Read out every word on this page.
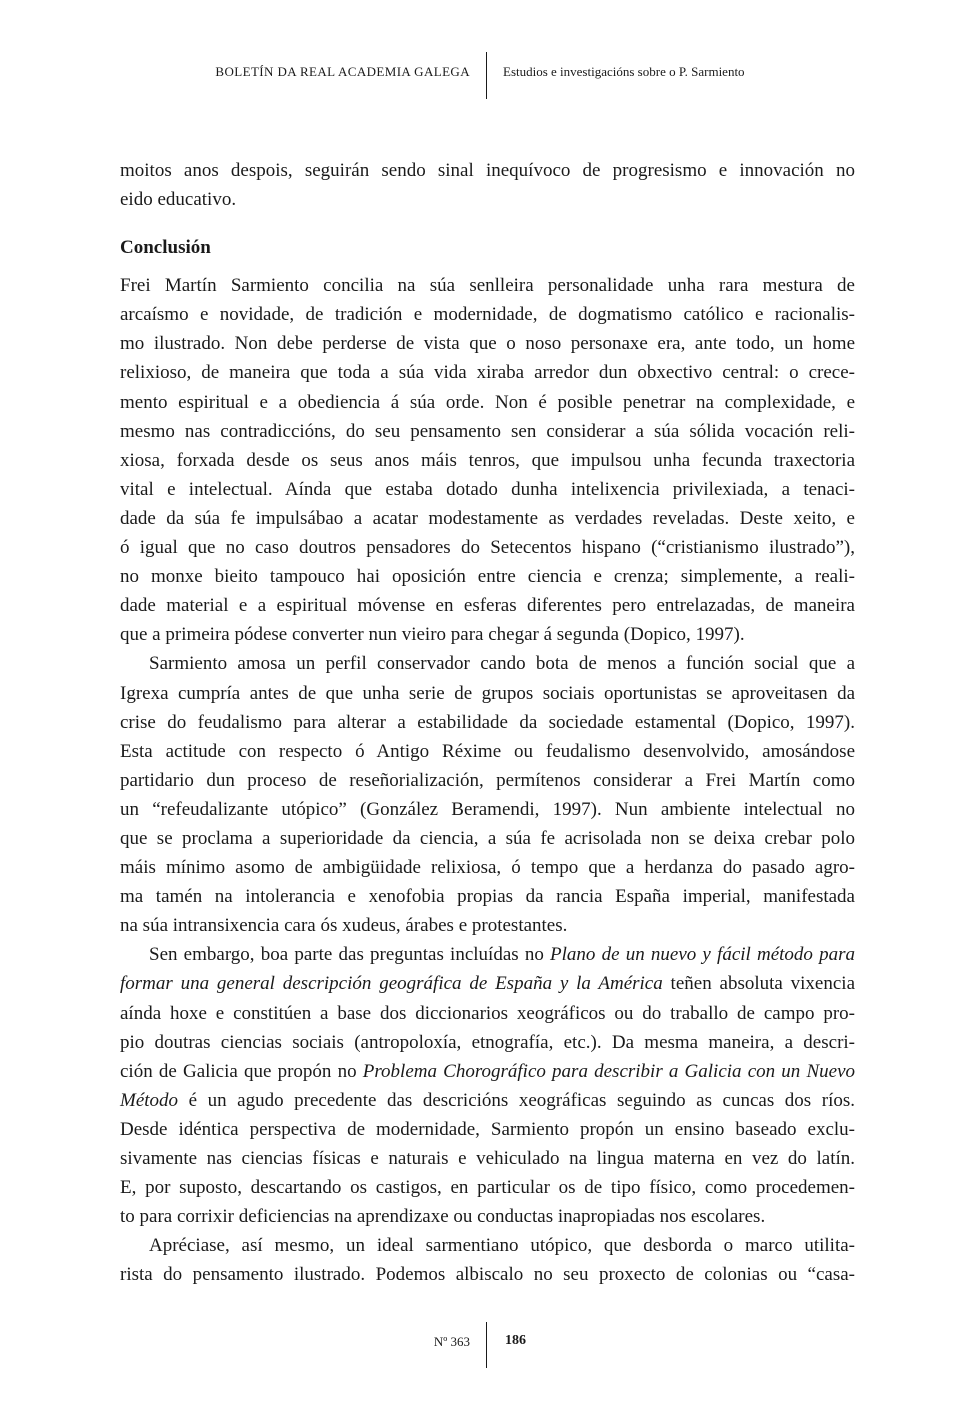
BOLETÍN DA REAL ACADEMIA GALEGA	Estudios e investigacións sobre o P. Sarmiento
moitos anos despois, seguirán sendo sinal inequívoco de progresismo e innovación no
eido educativo.
Conclusión
Frei Martín Sarmiento concilia na súa senlleira personalidade unha rara mestura de
arcaísmo e novidade, de tradición e modernidade, de dogmatismo católico e racionalis-
mo ilustrado. Non debe perderse de vista que o noso personaxe era, ante todo, un home
relixioso, de maneira que toda a súa vida xiraba arredor dun obxectivo central: o crece-
mento espiritual e a obediencia á súa orde. Non é posible penetrar na complexidade, e
mesmo nas contradiccións, do seu pensamento sen considerar a súa sólida vocación reli-
xiosa, forxada desde os seus anos máis tenros, que impulsou unha fecunda traxectoria
vital e intelectual. Aínda que estaba dotado dunha intelixencia privilexiada, a tenaci-
dade da súa fe impulsábao a acatar modestamente as verdades reveladas. Deste xeito, e
ó igual que no caso doutros pensadores do Setecentos hispano (“cristianismo ilustrado”),
no monxe bieito tampouco hai oposición entre ciencia e crenza; simplemente, a reali-
dade material e a espiritual móvense en esferas diferentes pero entrelazadas, de maneira
que a primeira pódese converter nun vieiro para chegar á segunda (Dopico, 1997).
Sarmiento amosa un perfil conservador cando bota de menos a función social que a
Igrexa cumpría antes de que unha serie de grupos sociais oportunistas se aproveitasen da
crise do feudalismo para alterar a estabilidade da sociedade estamental (Dopico, 1997).
Esta actitude con respecto ó Antigo Réxime ou feudalismo desenvolvido, amosándose
partidario dun proceso de reseñorialización, permítenos considerar a Frei Martín como
un “refeudalizante utópico” (González Beramendi, 1997). Nun ambiente intelectual no
que se proclama a superioridade da ciencia, a súa fe acrisolada non se deixa crebar polo
máis mínimo asomo de ambigüidade relixiosa, ó tempo que a herdanza do pasado agro-
ma tamén na intolerancia e xenofobia propias da rancia España imperial, manifestada
na súa intransixencia cara ós xudeus, árabes e protestantes.
Sen embargo, boa parte das preguntas incluídas no Plano de un nuevo y fácil método para
formar una general descripción geográfica de España y la América teñen absoluta vixencia
aínda hoxe e constitúen a base dos diccionarios xeográficos ou do traballo de campo pro-
pio doutras ciencias sociais (antropoloxía, etnografía, etc.). Da mesma maneira, a descri-
ción de Galicia que propón no Problema Chorográfico para describir a Galicia con un Nuevo
Método é un agudo precedente das descricións xeográficas seguindo as cuncas dos ríos.
Desde idéntica perspectiva de modernidade, Sarmiento propón un ensino baseado exclu-
sivamente nas ciencias físicas e naturais e vehiculado na lingua materna en vez do latín.
E, por suposto, descartando os castigos, en particular os de tipo físico, como procedemen-
to para corrixir deficiencias na aprendizaxe ou conductas inapropiadas nos escolares.
Apréciase, así mesmo, un ideal sarmentiano utópico, que desborda o marco utilita-
rista do pensamento ilustrado. Podemos albiscalo no seu proxecto de colonias ou “casa-
Nº 363	186
